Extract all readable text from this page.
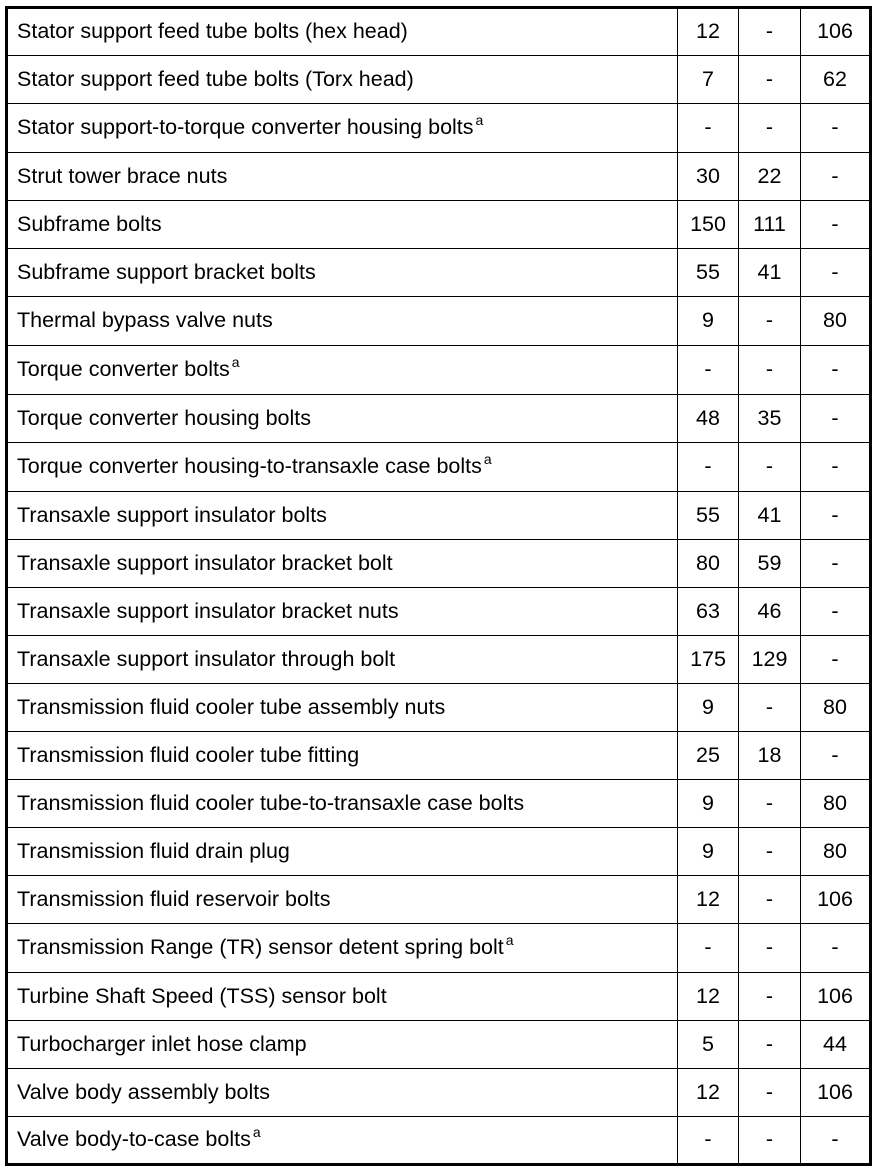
Stator support feed tube bolts (hex head)	12	-	106
Stator support feed tube bolts (Torx head)	7	-	62
Stator support-to-torque converter housing bolts $^a$	-	-	-
Strut tower brace nuts	30	22	-
Subframe bolts	150	111	-
Subframe support bracket bolts	55	41	-
Thermal bypass valve nuts	9	-	80
Torque converter bolts $^a$	-	-	-
Torque converter housing bolts	48	35	-
Torque converter housing-to-transaxle case bolts $^a$	-	-	-
Transaxle support insulator bolts	55	41	-
Transaxle support insulator bracket bolt	80	59	-
Transaxle support insulator bracket nuts	63	46	-
Transaxle support insulator through bolt	175	129	-
Transmission fluid cooler tube assembly nuts	9	-	80
Transmission fluid cooler tube fitting	25	18	-
Transmission fluid cooler tube-to-transaxle case bolts	9	-	80
Transmission fluid drain plug	9	-	80
Transmission fluid reservoir bolts	12	-	106
Transmission Range (TR) sensor detent spring bolt $^a$	-	-	-
Turbine Shaft Speed (TSS) sensor bolt	12	-	106
Turbocharger inlet hose clamp	5	-	44
Valve body assembly bolts	12	-	106
Valve body-to-case bolts $^a$	-	-	-
